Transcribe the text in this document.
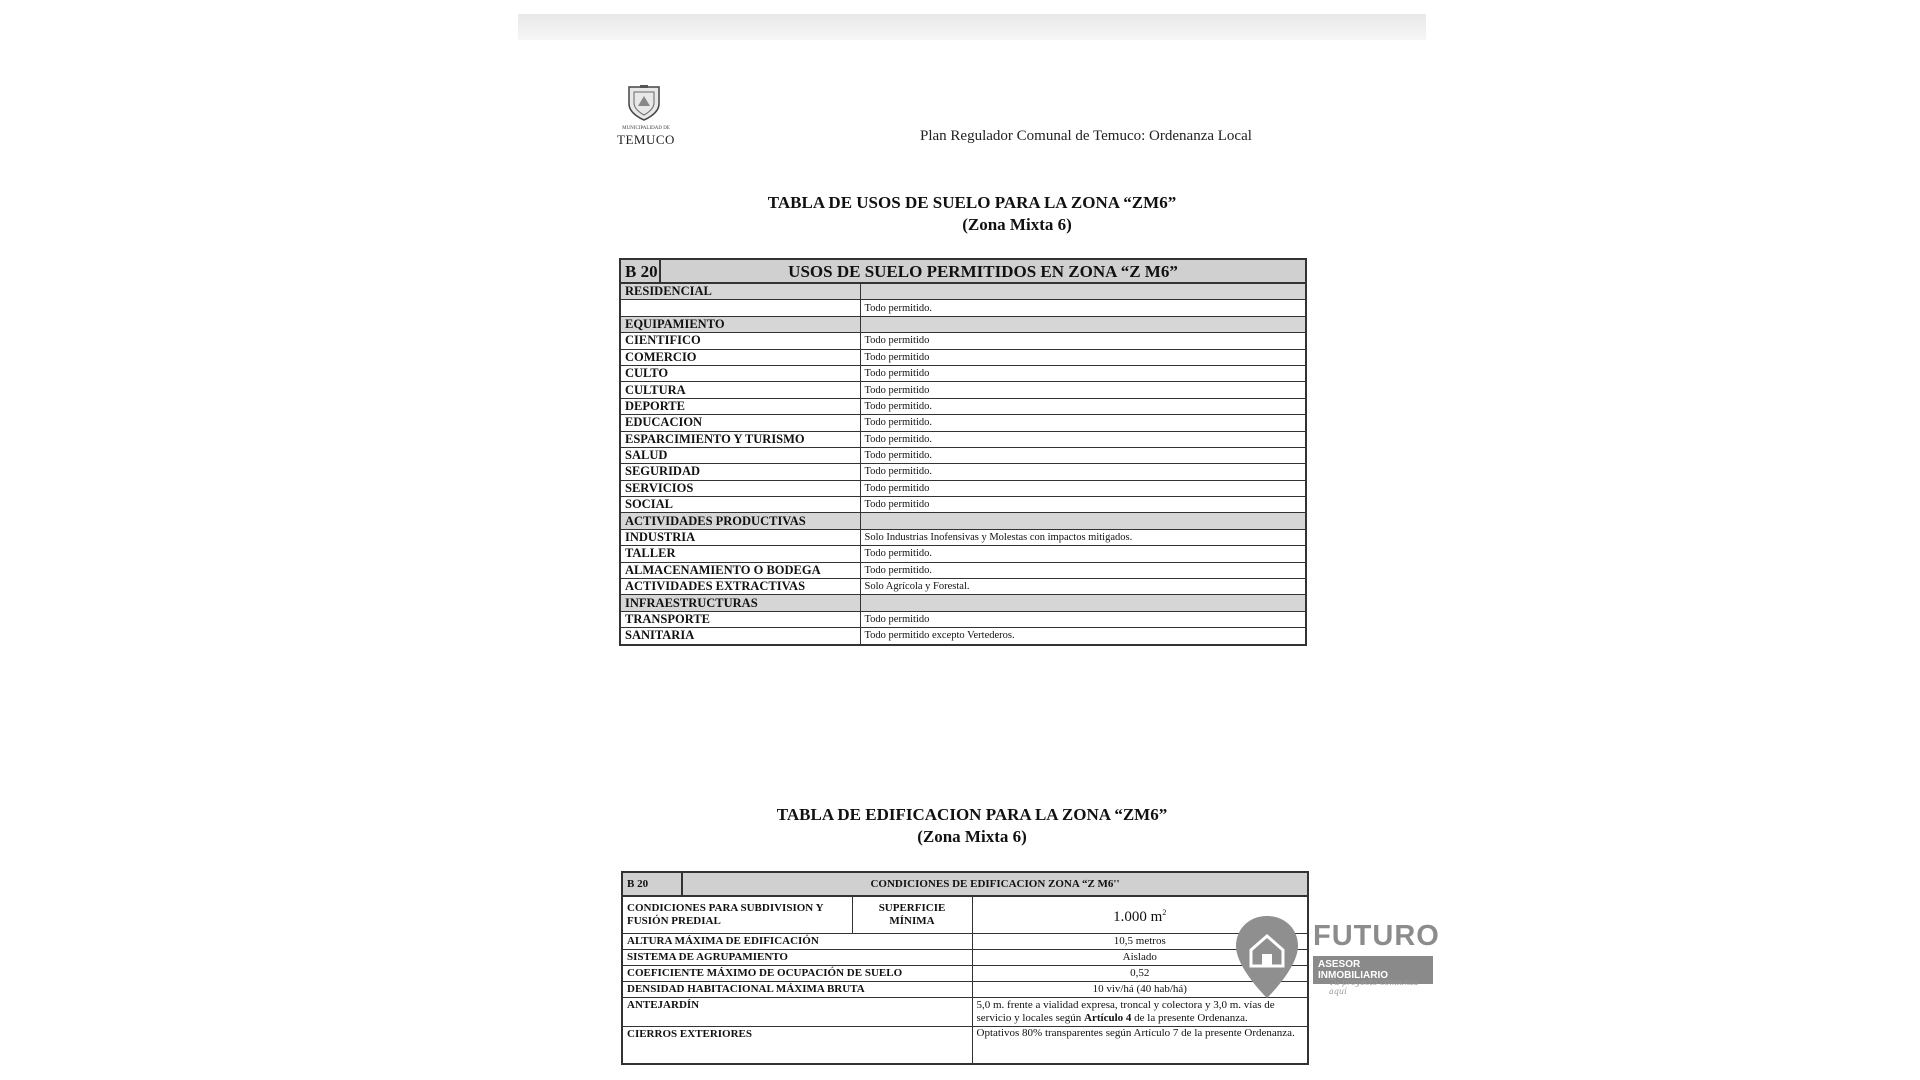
MUNICIPALIDAD DE
TEMUCO	Plan Regulador Comunal de Temuco: Ordenanza Local
TABLA DE USOS DE SUELO PARA LA ZONA “ZM6”
(Zona Mixta 6)
B 20	USOS DE SUELO PERMITIDOS EN ZONA “Z M6”	
RESIDENCIAL		
		Todo permitido.
EQUIPAMIENTO		
CIENTIFICO		Todo permitido
COMERCIO		Todo permitido
CULTO		Todo permitido
CULTURA		Todo permitido
DEPORTE		Todo permitido.
EDUCACION		Todo permitido.
ESPARCIMIENTO Y TURISMO		Todo permitido.
SALUD		Todo permitido.
SEGURIDAD		Todo permitido.
SERVICIOS		Todo permitido
SOCIAL		Todo permitido
ACTIVIDADES PRODUCTIVAS		
INDUSTRIA		Solo Industrias Inofensivas y Molestas con impactos mitigados.
TALLER		Todo permitido.
ALMACENAMIENTO O BODEGA		Todo permitido.
ACTIVIDADES EXTRACTIVAS		Solo Agrícola y Forestal.
INFRAESTRUCTURAS		
TRANSPORTE		Todo permitido
SANITARIA		Todo permitido excepto Vertederos.
TABLA DE EDIFICACION PARA LA ZONA “ZM6”
(Zona Mixta 6)
B 20	CONDICIONES DE EDIFICACION ZONA “Z M6''		
CONDICIONES PARA SUBDIVISION Y FUSIÓN PREDIAL		SUPERFICIE MÍNIMA	1.000 $m^2$
ALTURA MÁXIMA DE EDIFICACIÓN			10,5 metros
SISTEMA DE AGRUPAMIENTO			Aislado
COEFICIENTE MÁXIMO DE OCUPACIÓN DE SUELO			0,52
DENSIDAD HABITACIONAL MÁXIMA BRUTA			10 viv/há (40 hab/há)
ANTEJARDÍN			5,0 m. frente a vialidad expresa, troncal y colectora y 3,0 m. vías de servicio y locales según Artículo 4 de la presente Ordenanza.
CIERROS EXTERIORES			Optativos 80% transparentes según Artículo 7 de la presente Ordenanza.
FUTURO
ASESOR INMOBILIARIO
Tu proyecto comienza aquí
